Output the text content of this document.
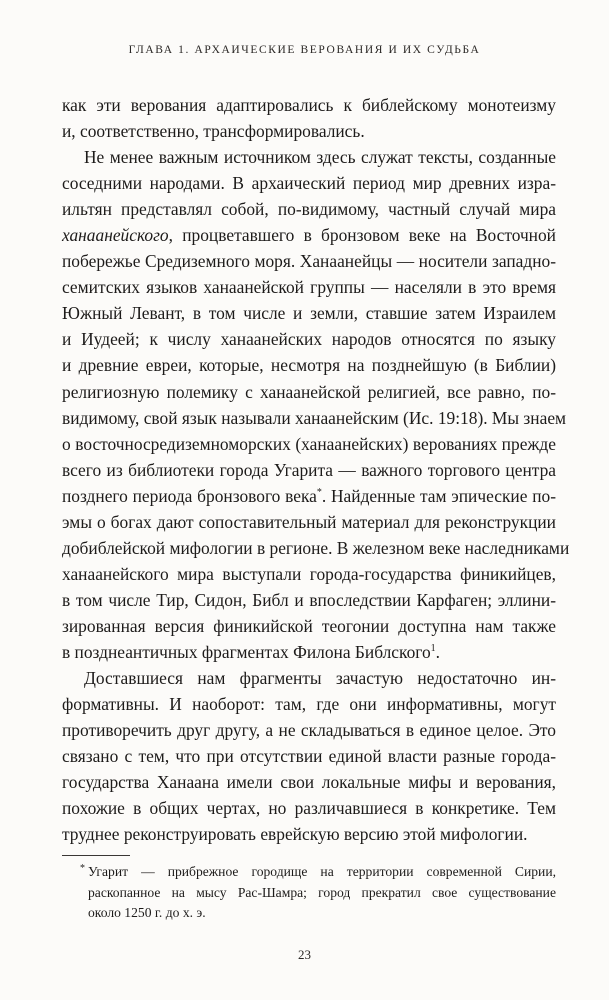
ГЛАВА 1. АРХАИЧЕСКИЕ ВЕРОВАНИЯ И ИХ СУДЬБА
как эти верования адаптировались к библейскому монотеизму
и, соответственно, трансформировались.
Не менее важным источником здесь служат тексты, созданные
соседними народами. В архаический период мир древних изра-
ильтян представлял собой, по-видимому, частный случай мира
ханаанейского, процветавшего в бронзовом веке на Восточной
побережье Средиземного моря. Ханаанейцы — носители западно-
семитских языков ханаанейской группы — населяли в это время
Южный Левант, в том числе и земли, ставшие затем Израилем
и Иудеей; к числу ханаанейских народов относятся по языку
и древние евреи, которые, несмотря на позднейшую (в Библии)
религиозную полемику с ханаанейской религией, все равно, по-
видимому, свой язык называли ханаанейским (Ис. 19:18). Мы знаем
о восточносредиземноморских (ханаанейских) верованиях прежде
всего из библиотеки города Угарита — важного торгового центра
позднего периода бронзового века*. Найденные там эпические по-
эмы о богах дают сопоставительный материал для реконструкции
добиблейской мифологии в регионе. В железном веке наследниками
ханаанейского мира выступали города-государства финикийцев,
в том числе Тир, Сидон, Библ и впоследствии Карфаген; эллини-
зированная версия финикийской теогонии доступна нам также
в позднеантичных фрагментах Филона Библского$^1$.
Доставшиеся нам фрагменты зачастую недостаточно ин-
формативны. И наоборот: там, где они информативны, могут
противоречить друг другу, а не складываться в единое целое. Это
связано с тем, что при отсутствии единой власти разные города-
государства Ханаана имели свои локальные мифы и верования,
похожие в общих чертах, но различавшиеся в конкретике. Тем
труднее реконструировать еврейскую версию этой мифологии.
* Угарит — прибрежное городище на территории современной Сирии,
раскопанное на мысу Рас-Шамра; город прекратил свое существование
около 1250 г. до х. э.
23
